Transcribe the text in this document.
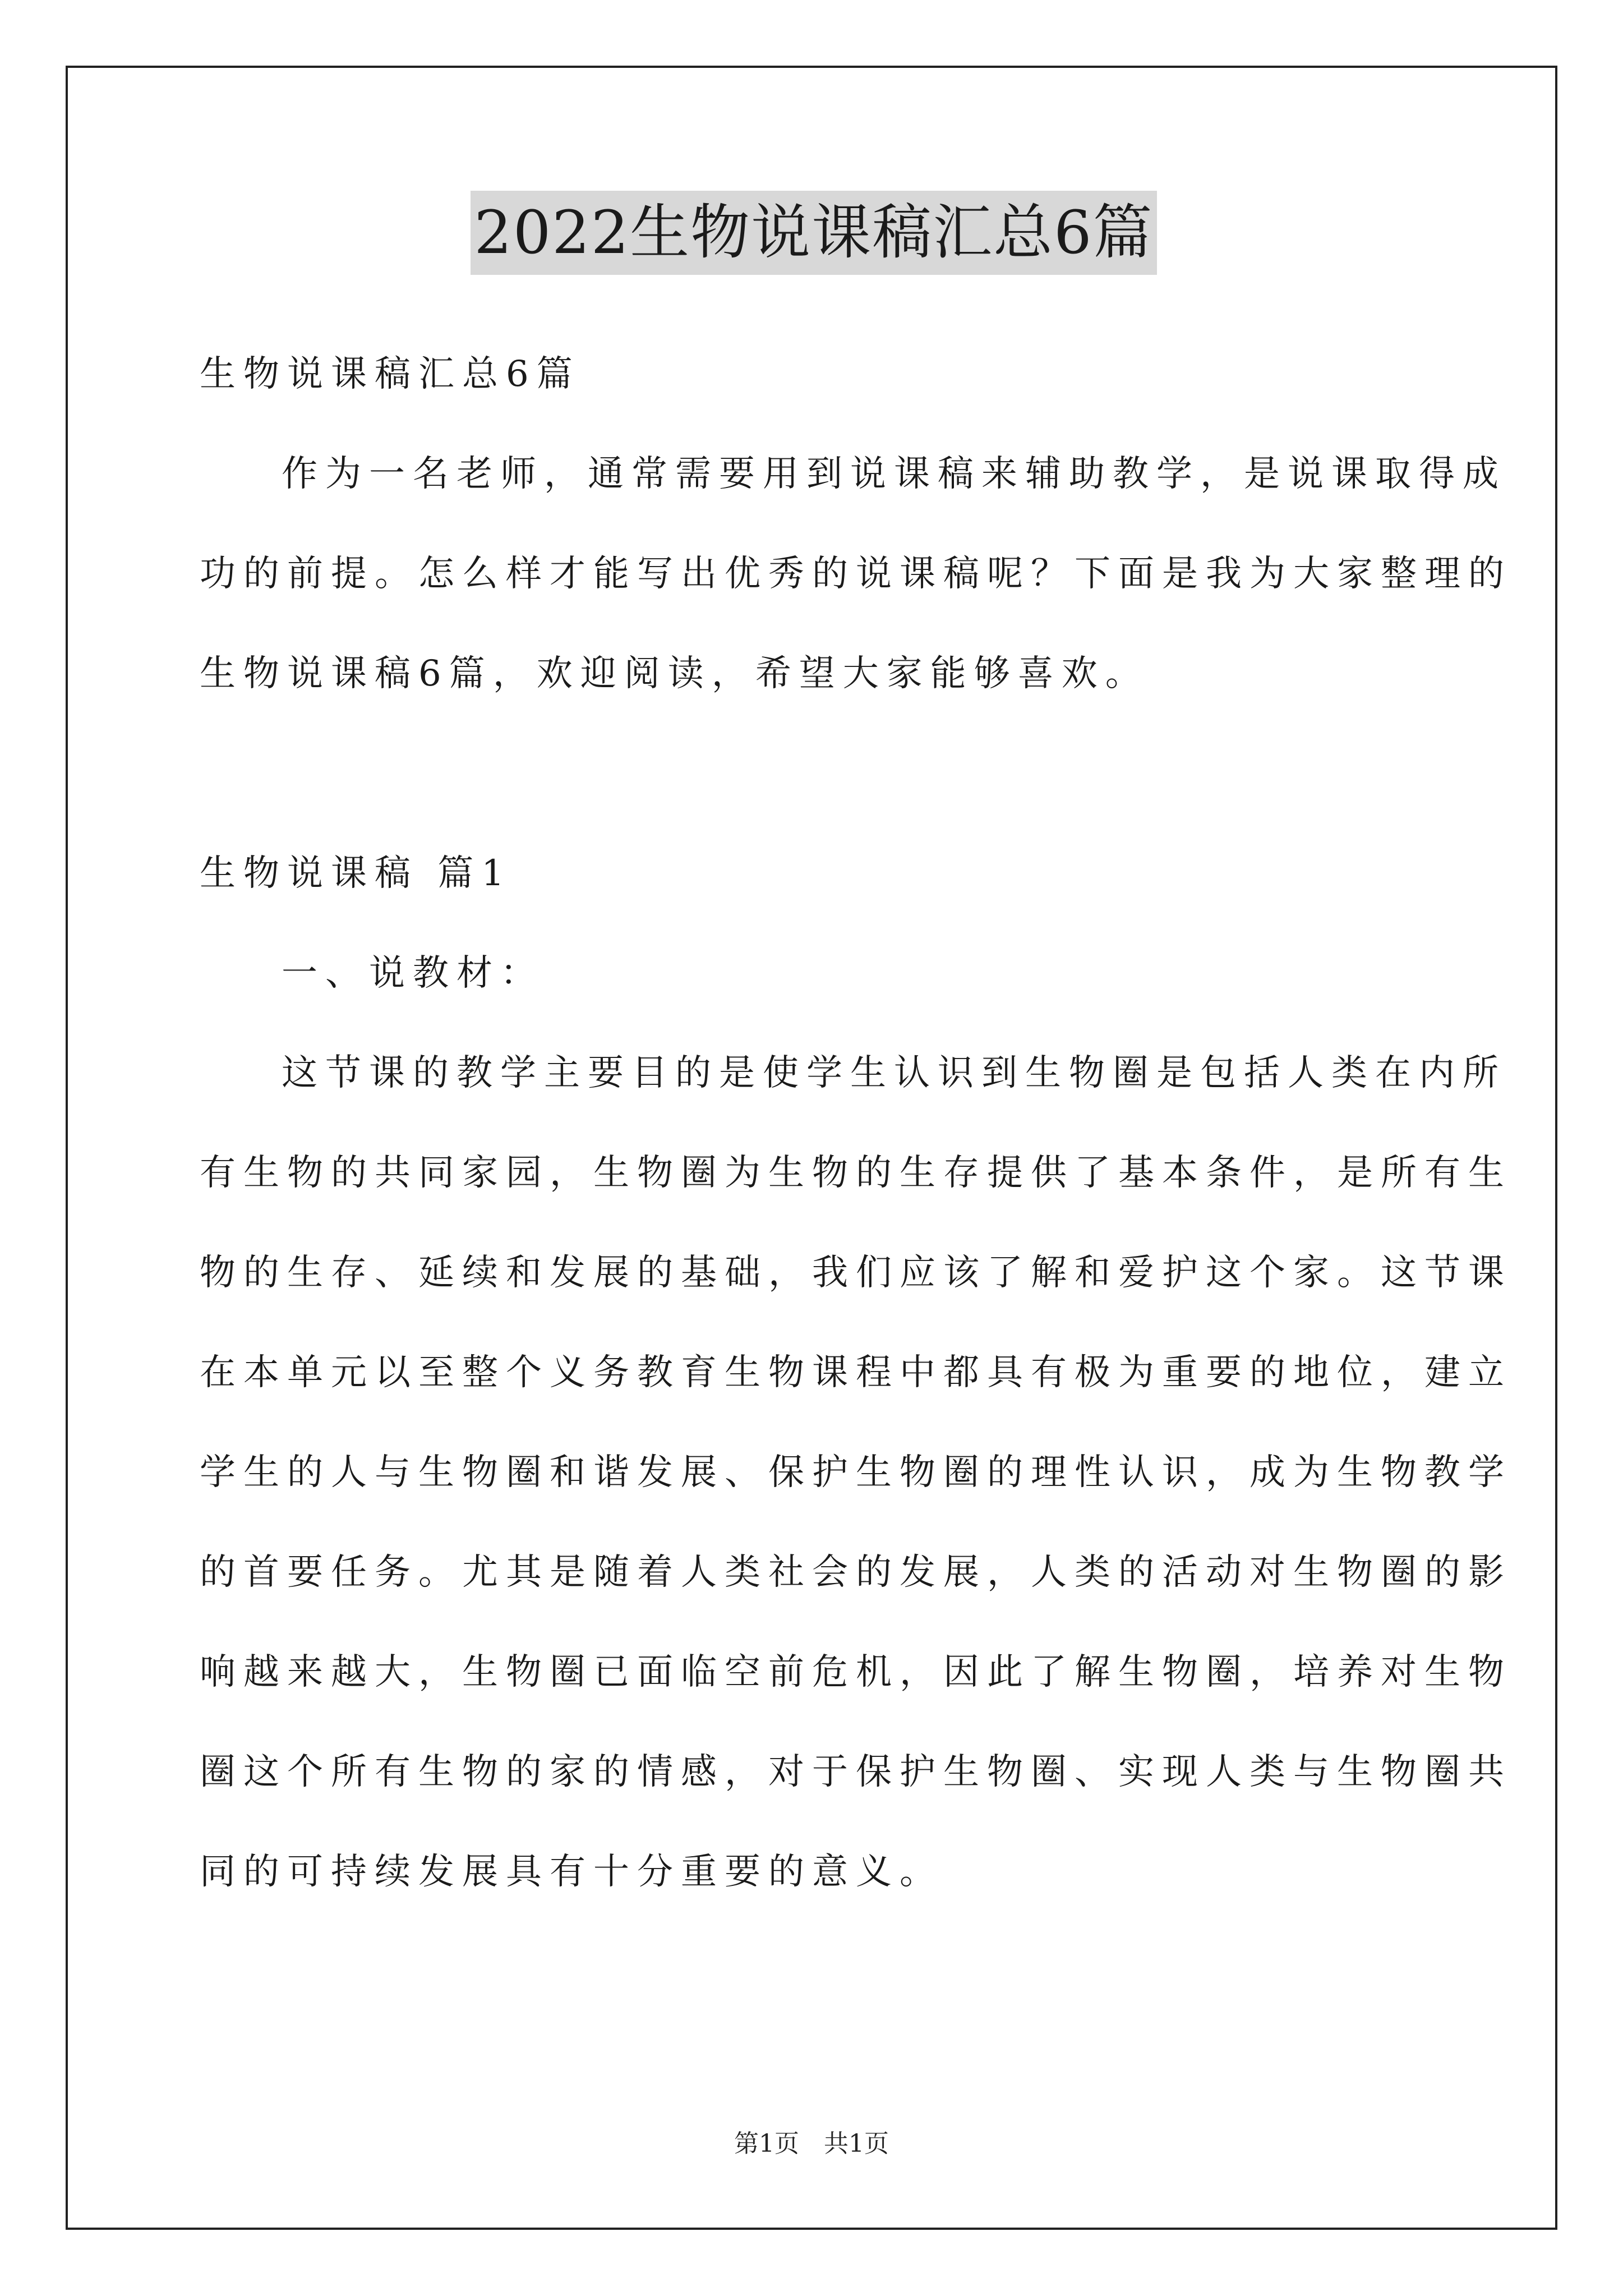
2022生物说课稿汇总6篇

生物说课稿汇总6篇

作为一名老师，通常需要用到说课稿来辅助教学，是说课取得成

功的前提。怎么样才能写出优秀的说课稿呢？下面是我为大家整理的

生物说课稿6篇，欢迎阅读，希望大家能够喜欢。

生物说课稿 篇1

一、说教材：

这节课的教学主要目的是使学生认识到生物圈是包括人类在内所

有生物的共同家园，生物圈为生物的生存提供了基本条件，是所有生

物的生存、延续和发展的基础，我们应该了解和爱护这个家。这节课

在本单元以至整个义务教育生物课程中都具有极为重要的地位，建立

学生的人与生物圈和谐发展、保护生物圈的理性认识，成为生物教学

的首要任务。尤其是随着人类社会的发展，人类的活动对生物圈的影

响越来越大，生物圈已面临空前危机，因此了解生物圈，培养对生物

圈这个所有生物的家的情感，对于保护生物圈、实现人类与生物圈共

同的可持续发展具有十分重要的意义。

第1页　共1页
